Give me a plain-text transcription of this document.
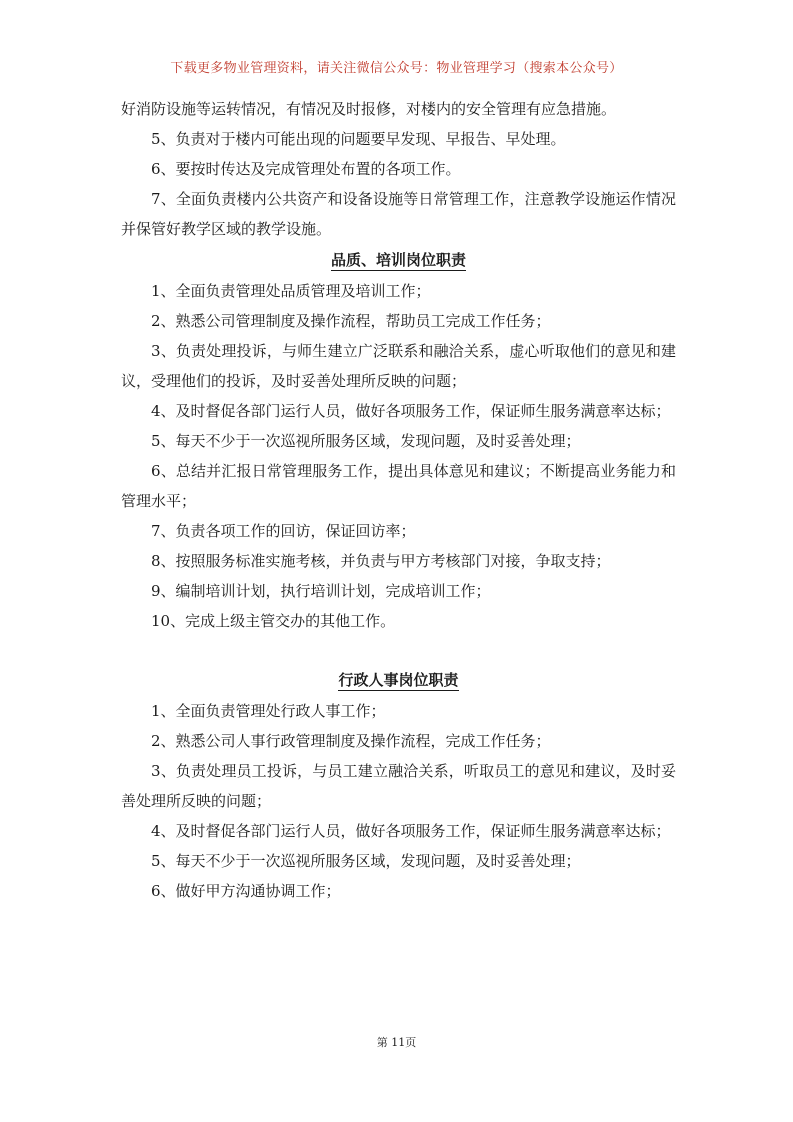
下载更多物业管理资料，请关注微信公众号：物业管理学习（搜索本公众号）

好消防设施等运转情况，有情况及时报修，对楼内的安全管理有应急措施。

5、负责对于楼内可能出现的问题要早发现、早报告、早处理。

6、要按时传达及完成管理处布置的各项工作。

7、全面负责楼内公共资产和设备设施等日常管理工作，注意教学设施运作情况并保管好教学区域的教学设施。

品质、培训岗位职责

1、全面负责管理处品质管理及培训工作；

2、熟悉公司管理制度及操作流程，帮助员工完成工作任务；

3、负责处理投诉，与师生建立广泛联系和融洽关系，虚心听取他们的意见和建议，受理他们的投诉，及时妥善处理所反映的问题；

4、及时督促各部门运行人员，做好各项服务工作，保证师生服务满意率达标；

5、每天不少于一次巡视所服务区域，发现问题，及时妥善处理；

6、总结并汇报日常管理服务工作，提出具体意见和建议；不断提高业务能力和管理水平；

7、负责各项工作的回访，保证回访率；

8、按照服务标准实施考核，并负责与甲方考核部门对接，争取支持；

9、编制培训计划，执行培训计划，完成培训工作；

10、完成上级主管交办的其他工作。

行政人事岗位职责

1、全面负责管理处行政人事工作；

2、熟悉公司人事行政管理制度及操作流程，完成工作任务；

3、负责处理员工投诉，与员工建立融洽关系，听取员工的意见和建议，及时妥善处理所反映的问题；

4、及时督促各部门运行人员，做好各项服务工作，保证师生服务满意率达标；

5、每天不少于一次巡视所服务区域，发现问题，及时妥善处理；

6、做好甲方沟通协调工作；

第 11页
